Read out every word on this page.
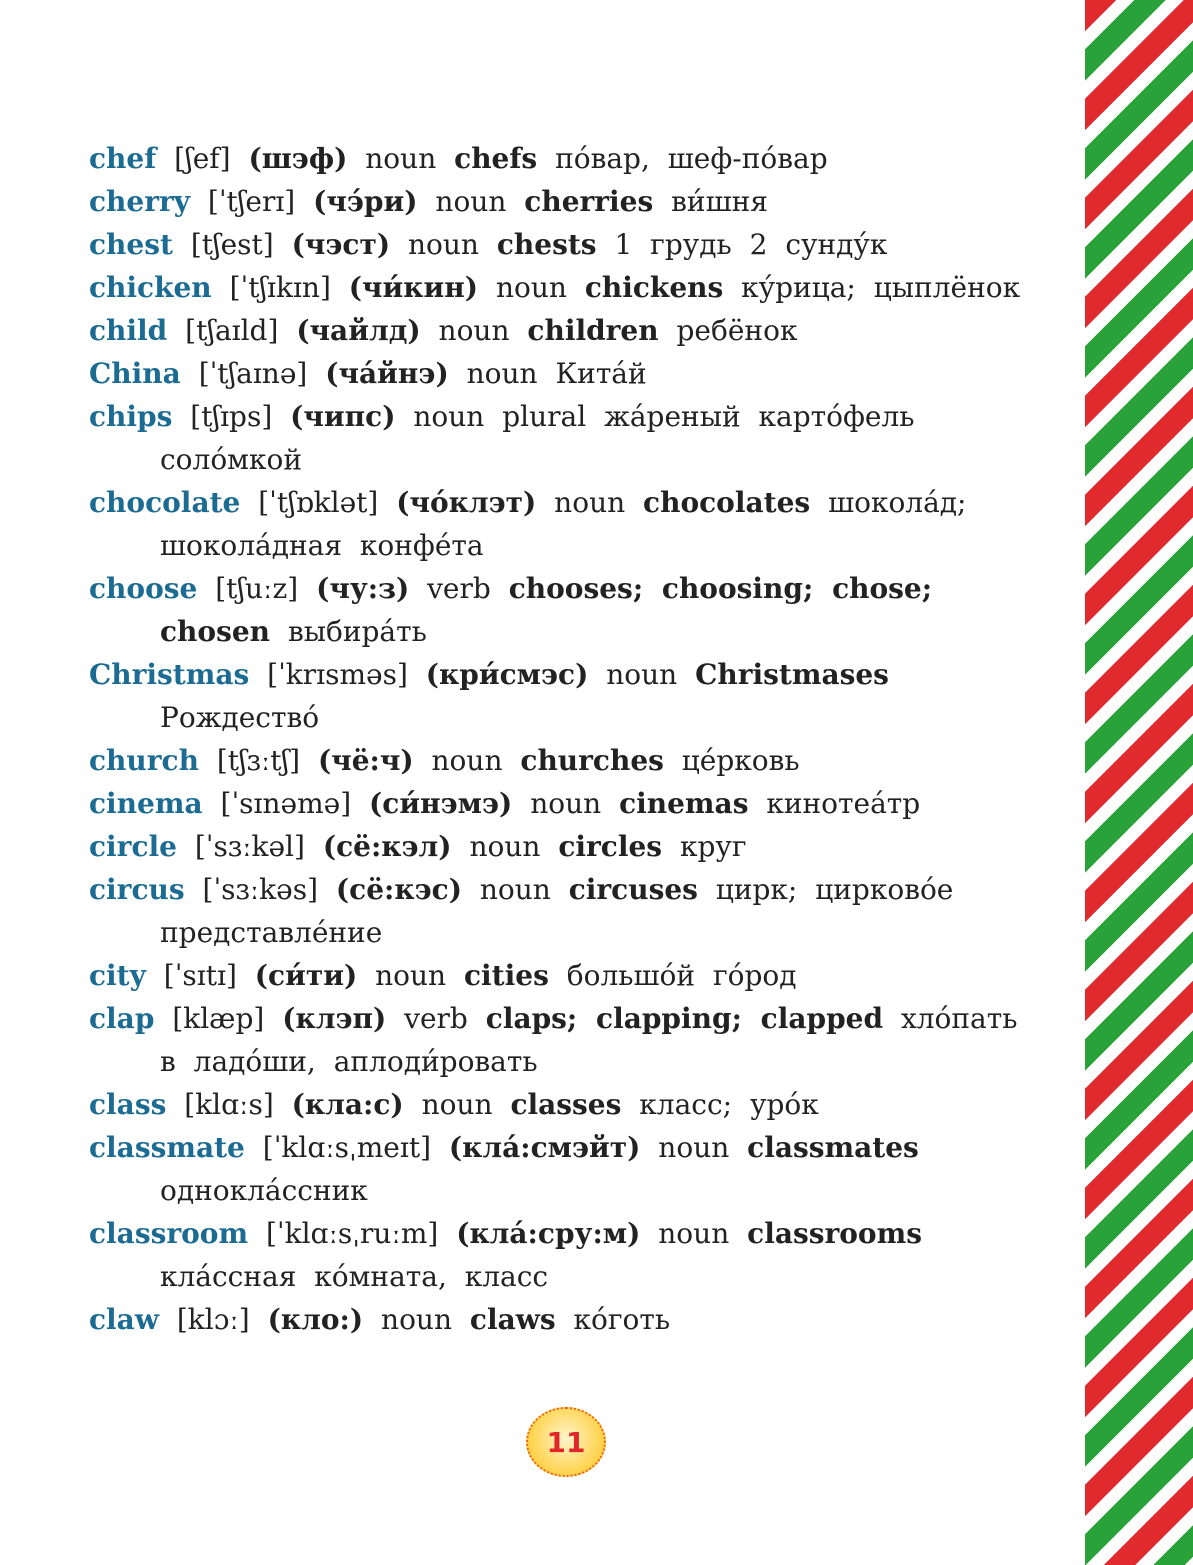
chef [ʃef] (шэф) noun chefs по́вар, шеф-по́вар

cherry [ˈtʃerɪ] (чэ́ри) noun cherries ви́шня

chest [tʃest] (чэст) noun chests 1 грудь 2 сунду́к

chicken [ˈtʃɪkɪn] (чи́кин) noun chickens ку́рица; цыплёнок

child [tʃaɪld] (чайлд) noun children ребёнок

China [ˈtʃaɪnə] (ча́йнэ) noun Кита́й

chips [tʃɪps] (чипс) noun plural жа́реный карто́фель соло́мкой

chocolate [ˈtʃɒklət] (чо́клэт) noun chocolates шокола́д; шокола́дная конфе́та

choose [tʃuːz] (чу:з) verb chooses; choosing; chose; chosen выбира́ть

Christmas [ˈkrɪsməs] (кри́смэс) noun Christmases Рождество́

church [tʃɜːtʃ] (чё:ч) noun churches це́рковь

cinema [ˈsɪnəmə] (си́нэмэ) noun cinemas кинотеа́тр

circle [ˈsɜːkəl] (сё:кэл) noun circles круг

circus [ˈsɜːkəs] (сё:кэс) noun circuses цирк; цирково́е представле́ние

city [ˈsɪtɪ] (си́ти) noun cities большо́й го́род

clap [klæp] (клэп) verb claps; clapping; clapped хло́пать в ладо́ши, аплоди́ровать

class [klɑːs] (кла:с) noun classes класс; уро́к

classmate [ˈklɑːsˌmeɪt] (кла́:смэйт) noun classmates однокла́ссник

classroom [ˈklɑːsˌruːm] (кла́:сру:м) noun classrooms кла́ссная ко́мната, класс

claw [klɔː] (кло:) noun claws ко́готь

11
